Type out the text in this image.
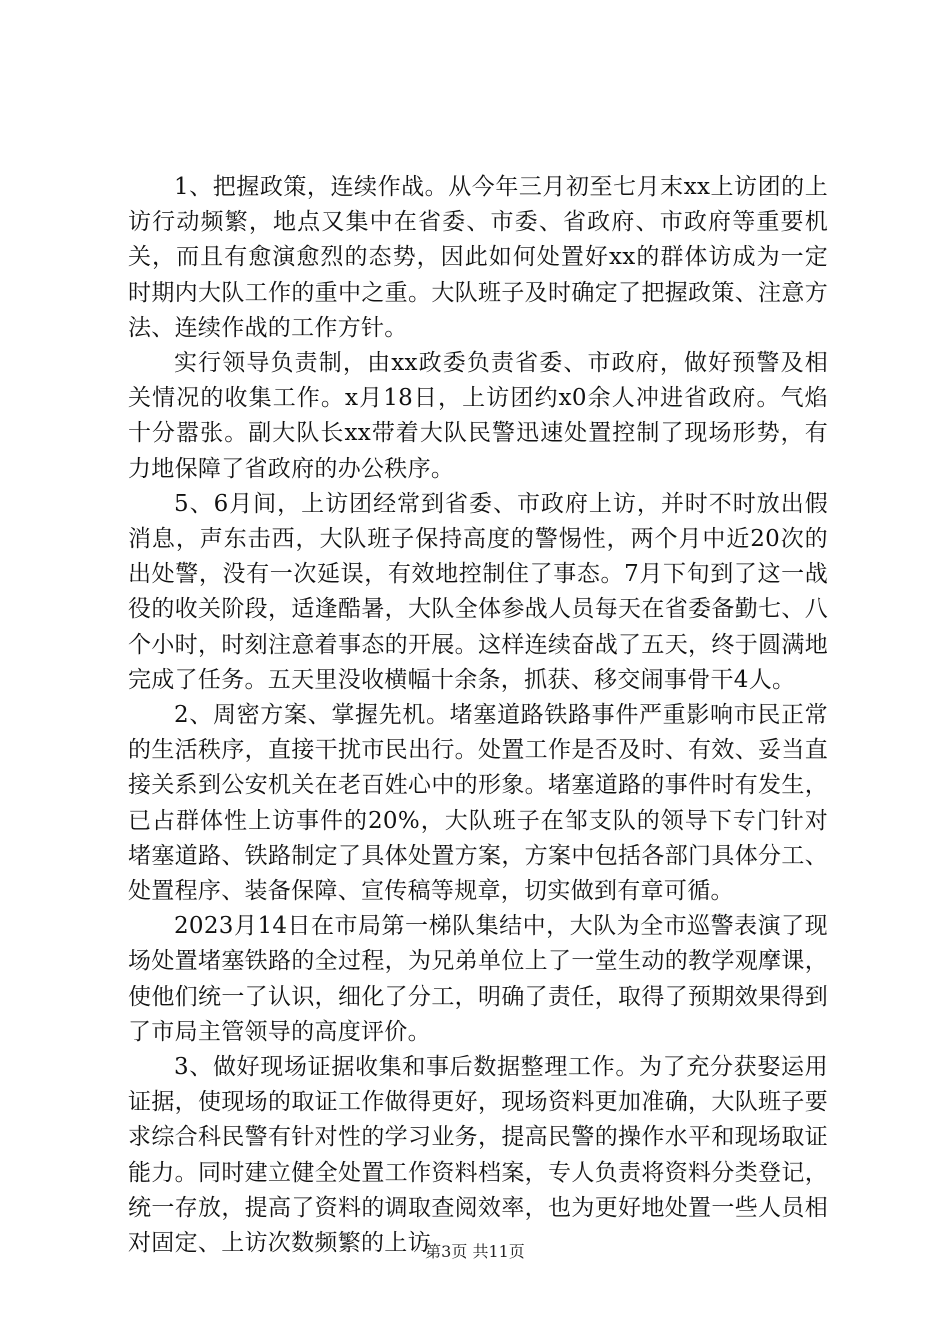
1、把握政策，连续作战。从今年三月初至七月末xx上访团的上访行动频繁，地点又集中在省委、市委、省政府、市政府等重要机关，而且有愈演愈烈的态势，因此如何处置好xx的群体访成为一定时期内大队工作的重中之重。大队班子及时确定了把握政策、注意方法、连续作战的工作方针。

实行领导负责制，由xx政委负责省委、市政府，做好预警及相关情况的收集工作。x月18日，上访团约x0余人冲进省政府。气焰十分嚣张。副大队长xx带着大队民警迅速处置控制了现场形势，有力地保障了省政府的办公秩序。

5、6月间，上访团经常到省委、市政府上访，并时不时放出假消息，声东击西，大队班子保持高度的警惕性，两个月中近20次的出处警，没有一次延误，有效地控制住了事态。7月下旬到了这一战役的收关阶段，适逢酷暑，大队全体参战人员每天在省委备勤七、八个小时，时刻注意着事态的开展。这样连续奋战了五天，终于圆满地完成了任务。五天里没收横幅十余条，抓获、移交闹事骨干4人。

2、周密方案、掌握先机。堵塞道路铁路事件严重影响市民正常的生活秩序，直接干扰市民出行。处置工作是否及时、有效、妥当直接关系到公安机关在老百姓心中的形象。堵塞道路的事件时有发生，已占群体性上访事件的20%，大队班子在邹支队的领导下专门针对堵塞道路、铁路制定了具体处置方案，方案中包括各部门具体分工、处置程序、装备保障、宣传稿等规章，切实做到有章可循。

2023月14日在市局第一梯队集结中，大队为全市巡警表演了现场处置堵塞铁路的全过程，为兄弟单位上了一堂生动的教学观摩课，使他们统一了认识，细化了分工，明确了责任，取得了预期效果得到了市局主管领导的高度评价。

3、做好现场证据收集和事后数据整理工作。为了充分获娶运用证据，使现场的取证工作做得更好，现场资料更加准确，大队班子要求综合科民警有针对性的学习业务，提高民警的操作水平和现场取证能力。同时建立健全处置工作资料档案，专人负责将资料分类登记，统一存放，提高了资料的调取查阅效率，也为更好地处置一些人员相对固定、上访次数频繁的上访

第3页 共11页
